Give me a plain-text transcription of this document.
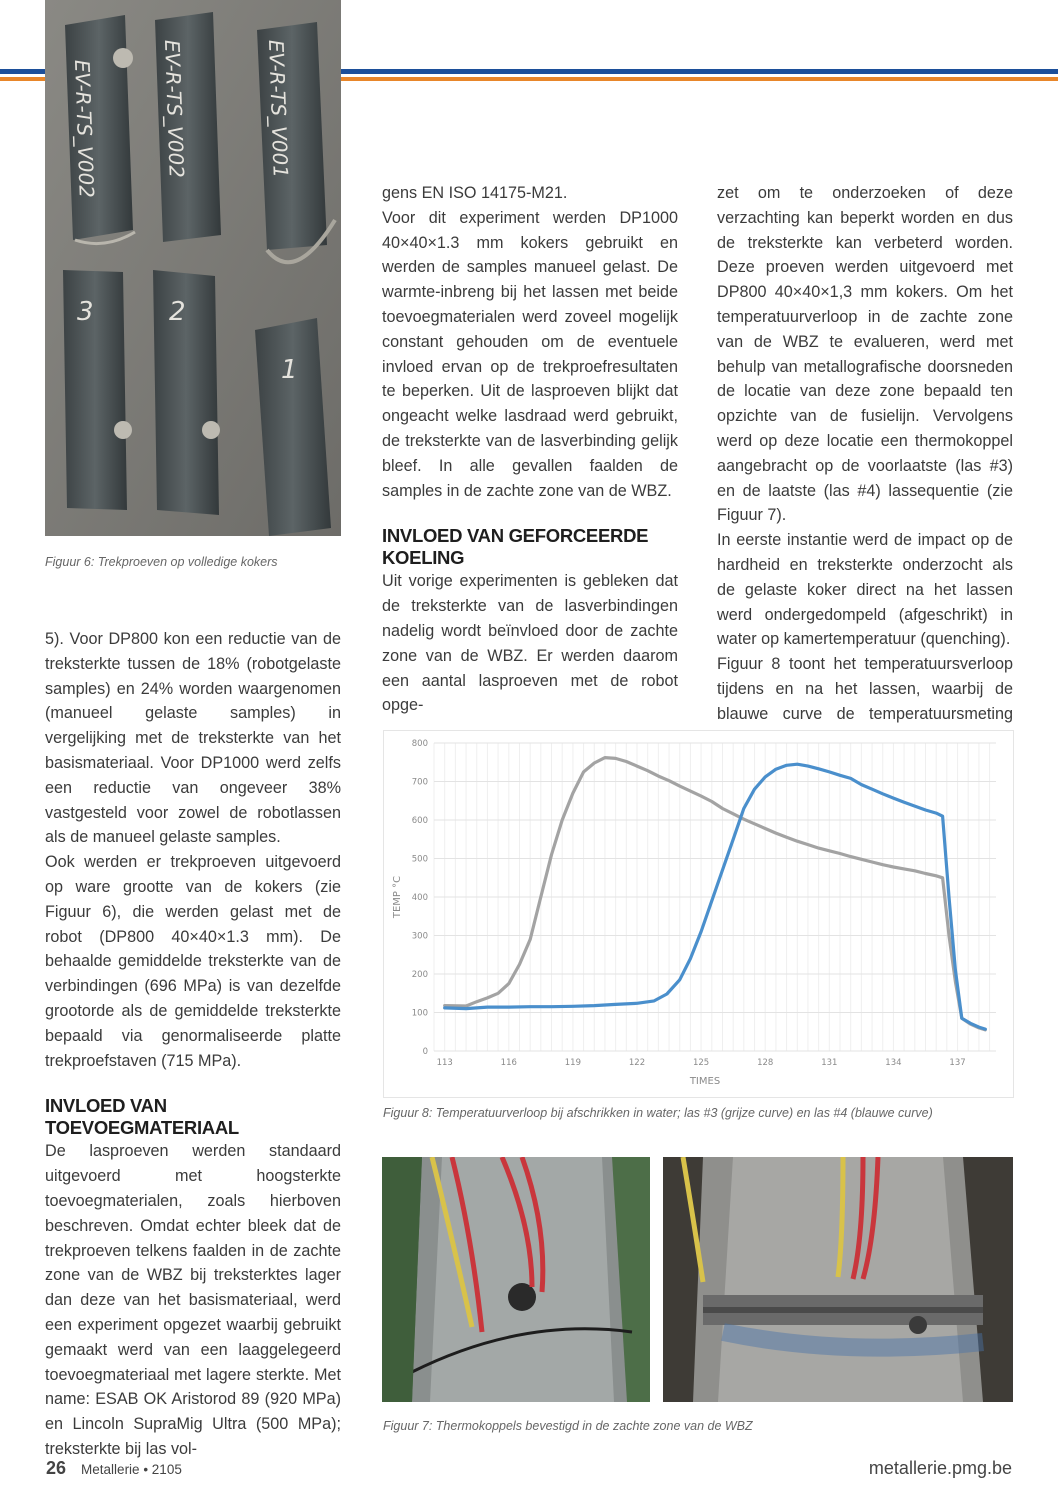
EV-R-TS_V002	EV-R-TS_V002	EV-R-TS_V001
3	2
1
Figuur 6: Trekproeven op volledige kokers

5). Voor DP800 kon een reductie van de treksterkte tussen de 18% (robotgelaste samples) en 24% worden waargenomen (manueel gelaste samples) in vergelijking met de treksterkte van het basismateriaal. Voor DP1000 werd zelfs een reductie van ongeveer 38% vastgesteld voor zowel de robotlassen als de manueel gelaste samples.

Ook werden er trekproeven uitgevoerd op ware grootte van de kokers (zie Figuur 6), die werden gelast met de robot (DP800 40×40×1.3 mm). De behaalde gemiddelde treksterkte van de verbindingen (696 MPa) is van dezelfde grootorde als de gemiddelde treksterkte bepaald via genormaliseerde platte trekproefstaven (715 MPa).

INVLOED VAN TOEVOEGMATERIAAL

De lasproeven werden standaard uitgevoerd met hoogsterkte toevoegmaterialen, zoals hierboven beschreven. Omdat echter bleek dat de trekproeven telkens faalden in de zachte zone van de WBZ bij treksterktes lager dan deze van het basismateriaal, werd een experiment opgezet waarbij gebruikt gemaakt werd van een laaggelegeerd toevoegmateriaal met lagere sterkte. Met name: ESAB OK Aristorod 89 (920 MPa) en Lincoln SupraMig Ultra (500 MPa); treksterkte bij las vol-

gens EN ISO 14175-M21.

Voor dit experiment werden DP1000 40×40×1.3 mm kokers gebruikt en werden de samples manueel gelast. De warmte-inbreng bij het lassen met beide toevoegmaterialen werd zoveel mogelijk constant gehouden om de eventuele invloed ervan op de trekproefresultaten te beperken. Uit de lasproeven blijkt dat ongeacht welke lasdraad werd gebruikt, de treksterkte van de lasverbinding gelijk bleef. In alle gevallen faalden de samples in de zachte zone van de WBZ.

INVLOED VAN GEFORCEERDE KOELING

Uit vorige experimenten is gebleken dat de treksterkte van de lasverbindingen nadelig wordt beïnvloed door de zachte zone van de WBZ. Er werden daarom een aantal lasproeven met de robot opge-

zet om te onderzoeken of deze verzachting kan beperkt worden en dus de treksterkte kan verbeterd worden. Deze proeven werden uitgevoerd met DP800 40×40×1,3 mm kokers. Om het temperatuurverloop in de zachte zone van de WBZ te evalueren, werd met behulp van metallografische doorsneden de locatie van deze zone bepaald ten opzichte van de fusielijn. Vervolgens werd op deze locatie een thermokoppel aangebracht op de voorlaatste (las #3) en de laatste (las #4) lassequentie (zie Figuur 7).

In eerste instantie werd de impact op de hardheid en treksterkte onderzocht als de gelaste koker direct na het lassen werd ondergedompeld (afgeschrikt) in water op kamertemperatuur (quenching).

Figuur 8 toont het temperatuursverloop tijdens en na het lassen, waarbij de blauwe curve de temperatuursmeting

0
100
200
300
400
500
600
700
800
113	116	119	122	125	128	131	134	137
TIMES
TEMP °C
Figuur 8: Temperatuurverloop bij afschrikken in water; las #3 (grijze curve) en las #4 (blauwe curve)
Figuur 7: Thermokoppels bevestigd in de zachte zone van de WBZ
26 Metallerie • 2105	metallerie.pmg.be
